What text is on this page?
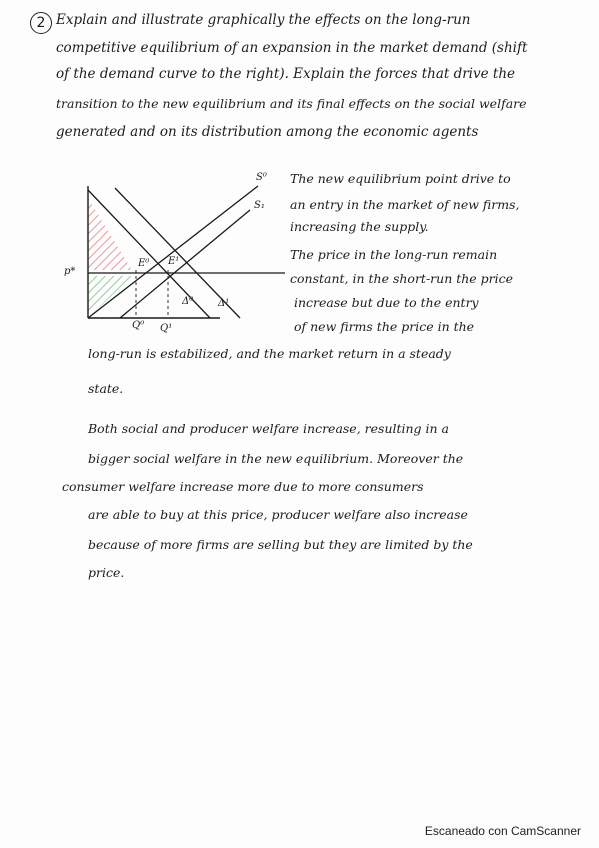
2 Explain and illustrate graphically the effects on the long-run
competitive equilibrium of an expansion in the market demand (shift
of the demand curve to the right). Explain the forces that drive the
transition to the new equilibrium and its final effects on the social welfare
generated and on its distribution among the economic agents
S⁰
S₁
p*
E⁰ E¹
Δ⁰ Δ¹
Q⁰ Q¹
The new equilibrium point drive to
an entry in the market of new firms,
increasing the supply.
The price in the long-run remain
constant, in the short-run the price
increase but due to the entry
of new firms the price in the
long-run is estabilized, and the market return in a steady
state.
Both social and producer welfare increase, resulting in a
bigger social welfare in the new equilibrium. Moreover the
consumer welfare increase more due to more consumers
are able to buy at this price, producer welfare also increase
because of more firms are selling but they are limited by the
price.
Escaneado con CamScanner
